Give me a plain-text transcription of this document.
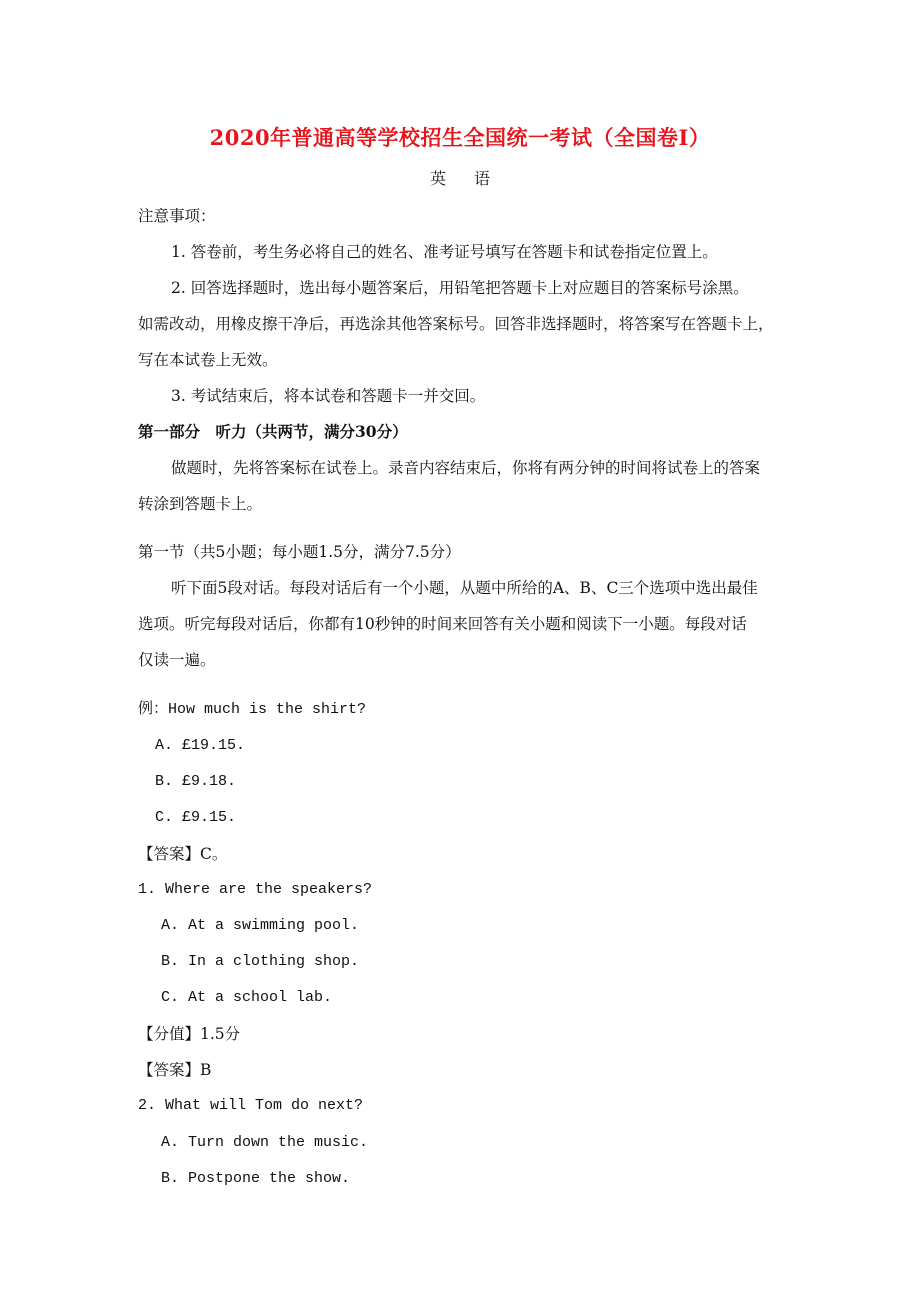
2020年普通高等学校招生全国统一考试（全国卷Ⅰ）
英语
注意事项：
1. 答卷前，考生务必将自己的姓名、准考证号填写在答题卡和试卷指定位置上。
2. 回答选择题时，选出每小题答案后，用铅笔把答题卡上对应题目的答案标号涂黑。
如需改动，用橡皮擦干净后，再选涂其他答案标号。回答非选择题时，将答案写在答题卡上，
写在本试卷上无效。
3. 考试结束后，将本试卷和答题卡一并交回。
第一部分　听力（共两节，满分30分）
做题时，先将答案标在试卷上。录音内容结束后，你将有两分钟的时间将试卷上的答案
转涂到答题卡上。
第一节（共5小题；每小题1.5分，满分7.5分）
听下面5段对话。每段对话后有一个小题，从题中所给的A、B、C三个选项中选出最佳
选项。听完每段对话后，你都有10秒钟的时间来回答有关小题和阅读下一小题。每段对话
仅读一遍。
例：How much is the shirt?
A. £19.15.
B. £9.18.
C. £9.15.
【答案】C。
1. Where are the speakers?
A. At a swimming pool.
B. In a clothing shop.
C. At a school lab.
【分值】1.5分
【答案】B
2. What will Tom do next?
A. Turn down the music.
B. Postpone the show.
